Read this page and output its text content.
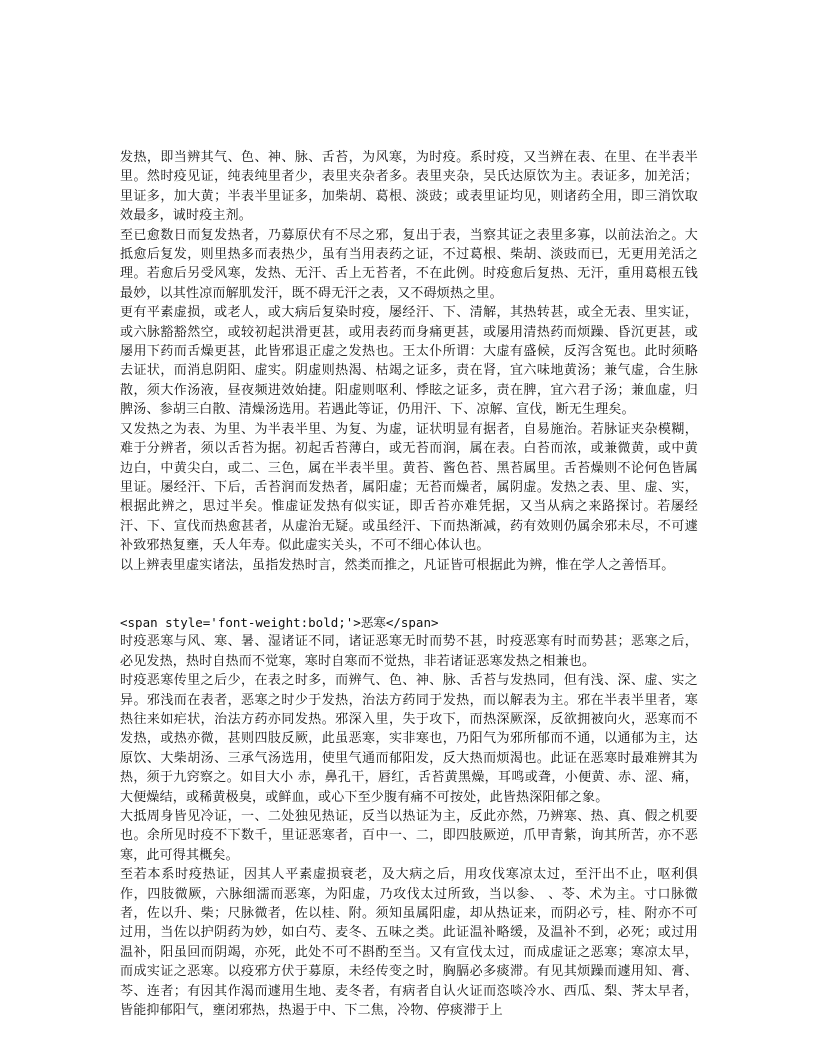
发热，即当辨其气、色、神、脉、舌苔，为风寒，为时疫。系时疫，又当辨在表、在里、在半表半里。然时疫见证，纯表纯里者少，表里夹杂者多。表里夹杂，吴氏达原饮为主。表证多，加羌活；里证多，加大黄；半表半里证多，加柴胡、葛根、淡豉；或表里证均见，则诸药全用，即三消饮取效最多，诚时疫主剂。

至已愈数日而复发热者，乃募原伏有不尽之邪，复出于表，当察其证之表里多寡，以前法治之。大抵愈后复发，则里热多而表热少，虽有当用表药之证，不过葛根、柴胡、淡豉而已，无更用羌活之理。若愈后另受风寒，发热、无汗、舌上无苔者，不在此例。时疫愈后复热、无汗，重用葛根五钱最妙，以其性凉而解肌发汗，既不碍无汗之表，又不碍烦热之里。

更有平素虚损，或老人，或大病后复染时疫，屡经汗、下、清解，其热转甚，或全无表、里实证，或六脉豁豁然空，或较初起洪滑更甚，或用表药而身痛更甚，或屡用清热药而烦躁、昏沉更甚，或屡用下药而舌燥更甚，此皆邪退正虚之发热也。王太仆所谓：大虚有盛候，反泻含冤也。此时须略去证状，而消息阴阳、虚实。阴虚则热渴、枯竭之证多，责在肾，宜六味地黄汤；兼气虚，合生脉散，须大作汤液，昼夜频进效始捷。阳虚则呕利、悸眩之证多，责在脾，宜六君子汤；兼血虚，归脾汤、参胡三白散、清燥汤选用。若遇此等证，仍用汗、下、凉解、宣伐，断无生理矣。

又发热之为表、为里、为半表半里、为复、为虚，证状明显有据者，自易施治。若脉证夹杂模糊，难于分辨者，须以舌苔为据。初起舌苔薄白，或无苔而润，属在表。白苔而浓，或兼微黄，或中黄边白，中黄尖白，或二、三色，属在半表半里。黄苔、酱色苔、黑苔属里。舌苔燥则不论何色皆属里证。屡经汗、下后，舌苔润而发热者，属阳虚；无苔而燥者，属阴虚。发热之表、里、虚、实，根据此辨之，思过半矣。惟虚证发热有似实证，即舌苔亦难凭据，又当从病之来路探讨。若屡经汗、下、宣伐而热愈甚者，从虚治无疑。或虽经汗、下而热渐减，药有效则仍属余邪未尽，不可遽补致邪热复壅，夭人年寿。似此虚实关头，不可不细心体认也。

以上辨表里虚实诸法，虽指发热时言，然类而推之，凡证皆可根据此为辨，惟在学人之善悟耳。

<span style='font-weight:bold;'>恶寒</span>

时疫恶寒与风、寒、暑、湿诸证不同，诸证恶寒无时而势不甚，时疫恶寒有时而势甚；恶寒之后，必见发热，热时自热而不觉寒，寒时自寒而不觉热，非若诸证恶寒发热之相兼也。

时疫恶寒传里之后少，在表之时多，而辨气、色、神、脉、舌苔与发热同，但有浅、深、虚、实之异。邪浅而在表者，恶寒之时少于发热，治法方药同于发热，而以解表为主。邪在半表半里者，寒热往来如疟状，治法方药亦同发热。邪深入里，失于攻下，而热深厥深，反欲拥被向火，恶寒而不发热，或热亦微，甚则四肢反厥，此虽恶寒，实非寒也，乃阳气为邪所郁而不通，以通郁为主，达原饮、大柴胡汤、三承气汤选用，使里气通而郁阳发，反大热而烦渴也。此证在恶寒时最难辨其为热，须于九窍察之。如目大小 赤，鼻孔干，唇红，舌苔黄黑燥，耳鸣或聋，小便黄、赤、涩、痛，大便燥结，或稀黄极臭，或鲜血，或心下至少腹有痛不可按处，此皆热深阳郁之象。

大抵周身皆见冷证，一、二处独见热证，反当以热证为主，反此亦然，乃辨寒、热、真、假之机要也。余所见时疫不下数千，里证恶寒者，百中一、二，即四肢厥逆，爪甲青紫，询其所苦，亦不恶寒，此可得其概矣。

至若本系时疫热证，因其人平素虚损衰老，及大病之后，用攻伐寒凉太过，至汗出不止，呕利俱作，四肢微厥，六脉细濡而恶寒，为阳虚，乃攻伐太过所致，当以参、 、苓、术为主。寸口脉微者，佐以升、柴；尺脉微者，佐以桂、附。须知虽属阳虚，却从热证来，而阴必亏，桂、附亦不可过用，当佐以护阴药为妙，如白芍、麦冬、五味之类。此证温补略缓，及温补不到，必死；或过用温补，阳虽回而阴竭，亦死，此处不可不斟酌至当。又有宣伐太过，而成虚证之恶寒；寒凉太早，而成实证之恶寒。以疫邪方伏于募原，未经传变之时，胸膈必多痰滞。有见其烦躁而遽用知、膏、芩、连者；有因其作渴而遽用生地、麦冬者，有病者自认火证而恣啖冷水、西瓜、梨、荠太早者，皆能抑郁阳气，壅闭邪热，热遏于中、下二焦，冷物、停痰滞于上
